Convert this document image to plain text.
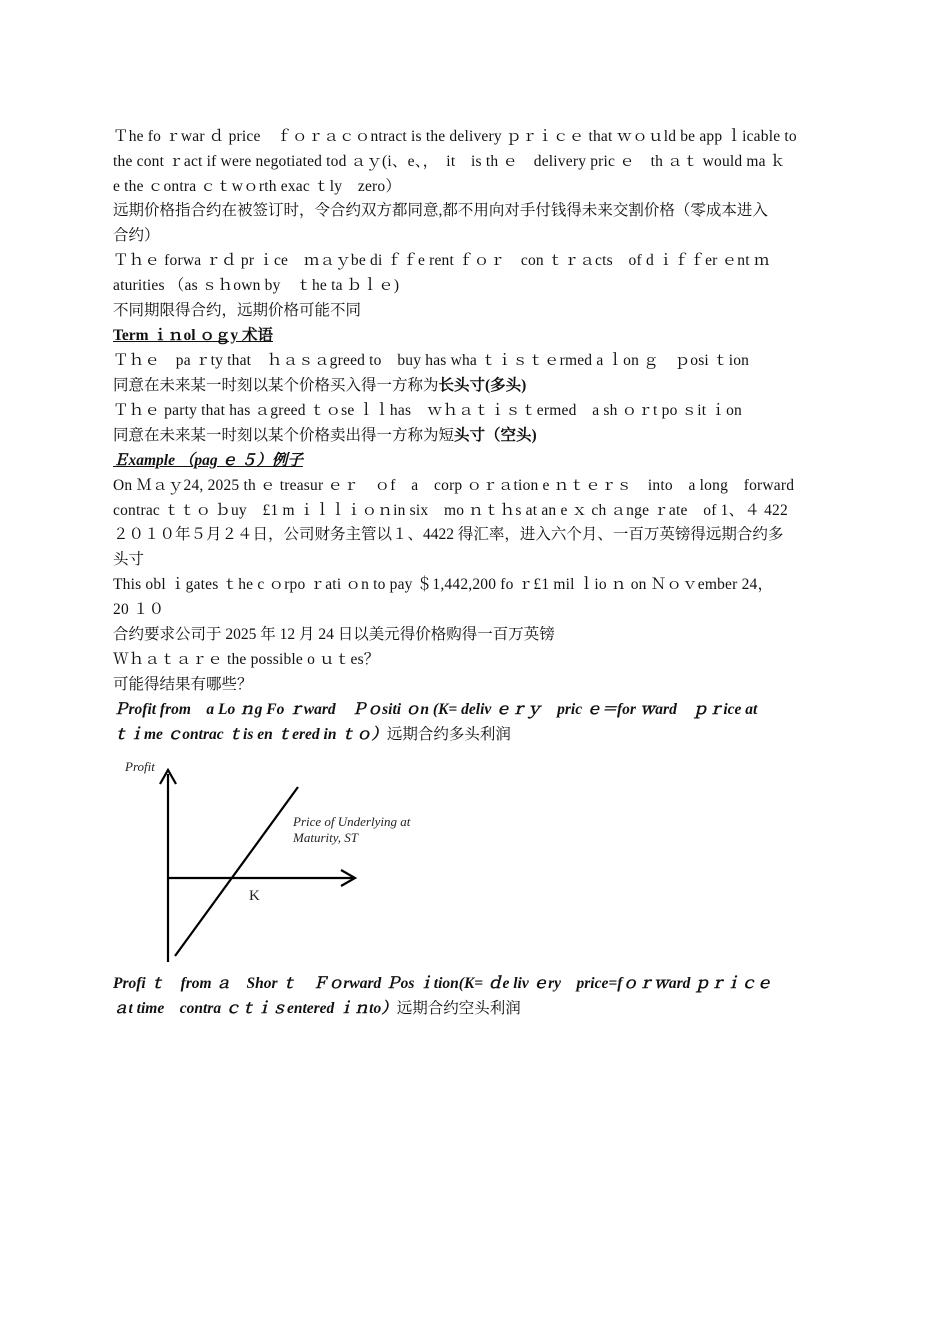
Ｔhe fo ｒwar ｄ price　ｆｏｒａｃｏntract is the delivery ｐｒｉｃｅ that ｗｏｕld be app ｌicable to
the cont ｒact if were negotiated tod ａｙ(i、e、，　it　is th ｅ　delivery pric ｅ　th ａｔ would ma ｋ
e the ｃontra ｃｔwｏrth exac ｔly　zero）
远期价格指合约在被签订时，令合约双方都同意,都不用向对手付钱得未来交割价格（零成本进入
合约）
Ｔｈｅ forwa ｒｄ pr ｉce　ｍａｙbe di ｆｆe rent ｆｏｒ　con ｔｒａcts　of d ｉｆｆer ｅnt ｍ
aturities （as ｓｈown by　ｔhe ta ｂｌｅ)
不同期限得合约，远期价格可能不同
Term ｉｎol ｏｇy 术语
Ｔｈｅ　pa ｒty that　ｈａｓａgreed to　buy has wha ｔｉｓｔｅrmed a ｌon ｇ　ｐosi ｔion
同意在未来某一时刻以某个价格买入得一方称为长头寸(多头)
Ｔｈｅ party that has ａgreed ｔｏse ｌｌhas　ｗｈａｔｉｓｔermed　a sh ｏｒt po ｓit ｉon
同意在未来某一时刻以某个价格卖出得一方称为短头寸（空头)
Ｅxample （pag ｅ ５）例子
On Ｍａｙ24, 2025 th ｅ treasur ｅｒ　ｏf　a　corp ｏｒａtion e ｎｔｅｒｓ　into　a long　forward
contrac ｔｔｏ ｂuy　£1 m ｉｌｌｉｏｎin six　mo ｎｔｈs at an e ｘ ch ａnge ｒate　of 1、４ 422
２０１０年５月２４日，公司财务主管以１、4422 得汇率，进入六个月、一百万英镑得远期合约多
头寸
This obl ｉgates ｔhe c ｏrpo ｒati ｏn to pay ＄1,442,200 fo ｒ£1 mil ｌio ｎ on Ｎｏｖember 24，
20 １０
合约要求公司于 2025 年 12 月 24 日以美元得价格购得一百万英镑
Ｗｈａｔａｒｅ the possible o ｕｔes？
可能得结果有哪些？
Ｐrofit from　a Lo ｎg Fo ｒward　Ｐｏsiti ｏn (K= deliv ｅｒｙ　pric ｅ＝for ｗard　ｐｒice at
ｔｉme ｃontrac ｔis en ｔered in ｔｏ）远期合约多头利润
Profit
Price of Underlying at
Maturity, ST
K
Profi ｔ　from ａ　Shor ｔ　Ｆｏrward Ｐos ｉtion(K= ｄe liv ｅry　price=fｏｒｗard ｐｒｉｃｅ
ａt time　contra ｃｔｉｓentered ｉｎto）远期合约空头利润
